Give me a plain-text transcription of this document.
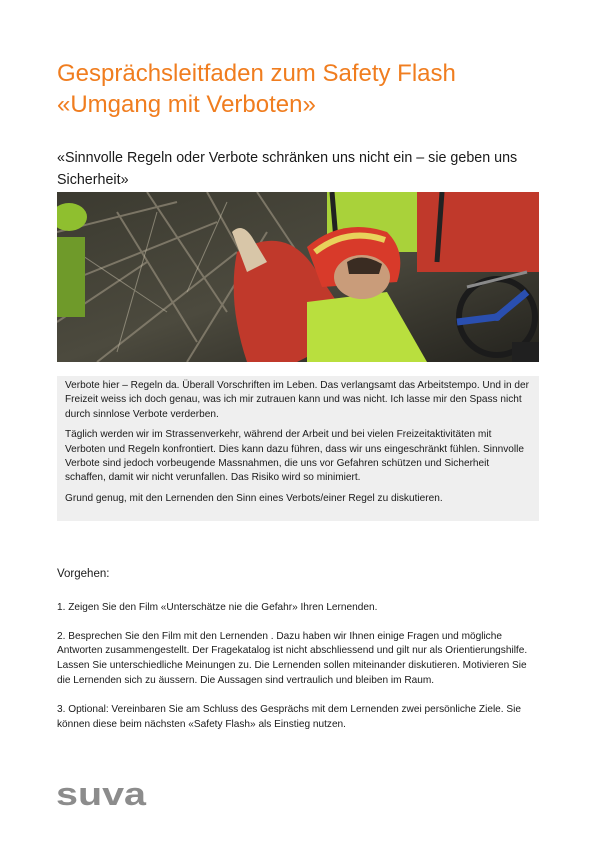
Gesprächsleitfaden zum Safety Flash
«Umgang mit Verboten»

«Sinnvolle Regeln oder Verbote schränken uns nicht ein – sie geben uns Sicherheit»

Verbote hier – Regeln da. Überall Vorschriften im Leben. Das verlangsamt das Arbeitstempo. Und in der Freizeit weiss ich doch genau, was ich mir zutrauen kann und was nicht. Ich lasse mir den Spass nicht durch sinnlose Verbote verderben.

Täglich werden wir im Strassenverkehr, während der Arbeit und bei vielen Freizeitaktivitäten mit Verboten und Regeln konfrontiert. Dies kann dazu führen, dass wir uns eingeschränkt fühlen. Sinnvolle Verbote sind jedoch vorbeugende Massnahmen, die uns vor Gefahren schützen und Sicherheit schaffen, damit wir nicht verunfallen. Das Risiko wird so minimiert.

Grund genug, mit den Lernenden den Sinn eines Verbots/einer Regel zu diskutieren.

Vorgehen:

1. Zeigen Sie den Film «Unterschätze nie die Gefahr» Ihren Lernenden.

2. Besprechen Sie den Film mit den Lernenden . Dazu haben wir Ihnen einige Fragen und mögliche Antworten zusammengestellt. Der Fragekatalog ist nicht abschliessend und gilt nur als Orientierungshilfe. Lassen Sie unterschiedliche Meinungen zu. Die Lernenden sollen miteinander diskutieren. Motivieren Sie die Lernenden sich zu äussern. Die Aussagen sind vertraulich und bleiben im Raum.

3. Optional: Vereinbaren Sie am Schluss des Gesprächs mit dem Lernenden zwei persönliche Ziele. Sie können diese beim nächsten «Safety Flash» als Einstieg nutzen.

suva
